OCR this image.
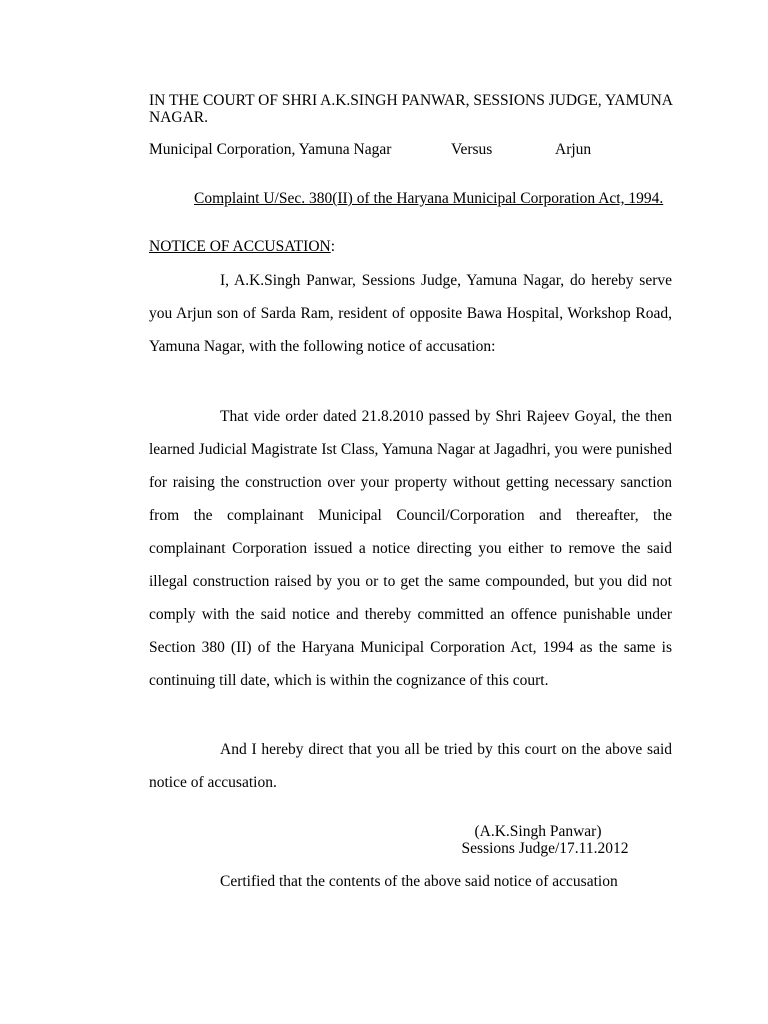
IN THE COURT OF SHRI A.K.SINGH PANWAR, SESSIONS JUDGE, YAMUNA NAGAR.

Municipal Corporation, Yamuna Nagar	Versus	Arjun

Complaint U/Sec. 380(II) of the Haryana Municipal Corporation Act, 1994.

NOTICE OF ACCUSATION:

I, A.K.Singh Panwar, Sessions Judge, Yamuna Nagar, do hereby serve you Arjun son of Sarda Ram, resident of opposite Bawa Hospital, Workshop Road, Yamuna Nagar, with the following notice of accusation:

That vide order dated 21.8.2010 passed by Shri Rajeev Goyal, the then learned Judicial Magistrate Ist Class, Yamuna Nagar at Jagadhri, you were punished for raising the construction over your property without getting necessary sanction from the complainant Municipal Council/Corporation and thereafter, the complainant Corporation issued a notice directing you either to remove the said illegal construction raised by you or to get the same compounded, but you did not comply with the said notice and thereby committed an offence punishable under Section 380 (II) of the Haryana Municipal Corporation Act, 1994 as the same is continuing till date, which is within the cognizance of this court.

And I hereby direct that you all be tried by this court on the above said notice of accusation.

(A.K.Singh Panwar)

Sessions Judge/17.11.2012

Certified that the contents of the above said notice of accusation
